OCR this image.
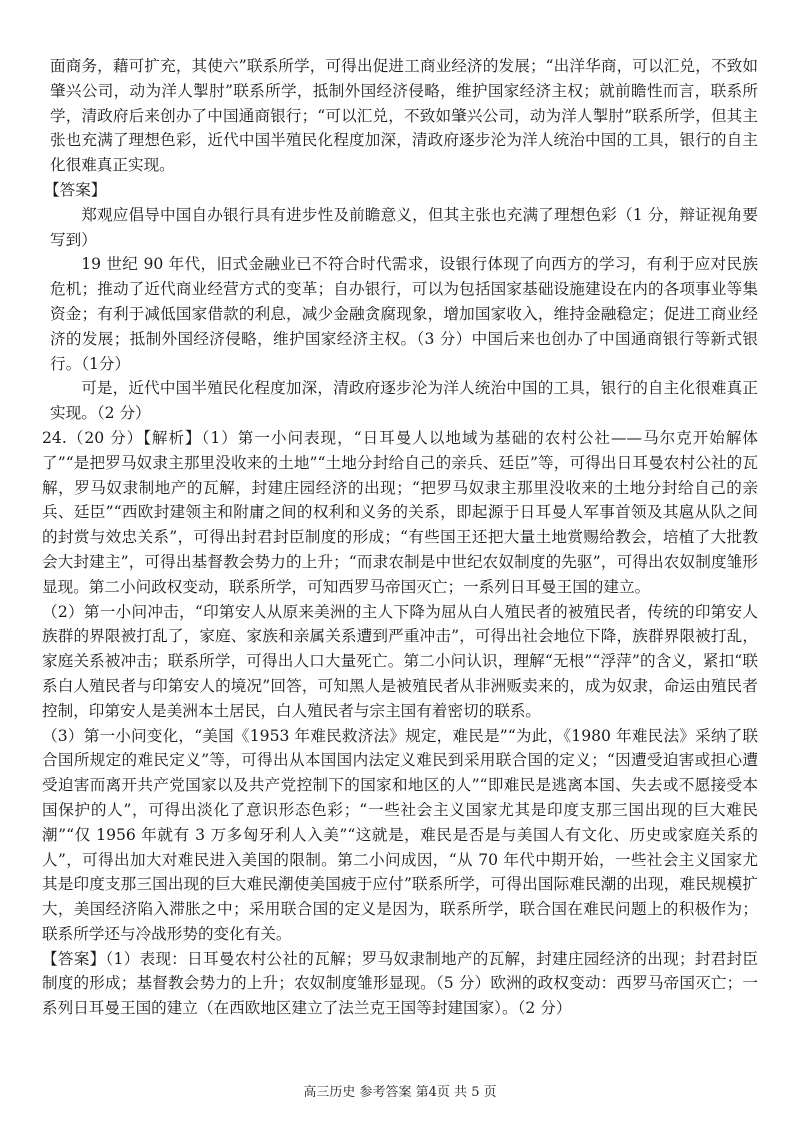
面商务，藉可扩充，其使六”联系所学，可得出促进工商业经济的发展；“出洋华商，可以汇兑，不致如肇兴公司，动为洋人掣肘”联系所学，抵制外国经济侵略，维护国家经济主权；就前瞻性而言，联系所学，清政府后来创办了中国通商银行；“可以汇兑，不致如肇兴公司，动为洋人掣肘”联系所学，但其主张也充满了理想色彩，近代中国半殖民化程度加深，清政府逐步沦为洋人统治中国的工具，银行的自主化很难真正实现。

【答案】

郑观应倡导中国自办银行具有进步性及前瞻意义，但其主张也充满了理想色彩（1 分，辩证视角要写到）

19 世纪 90 年代，旧式金融业已不符合时代需求，设银行体现了向西方的学习，有利于应对民族危机；推动了近代商业经营方式的变革；自办银行，可以为包括国家基础设施建设在内的各项事业等集资金；有利于减低国家借款的利息，减少金融贪腐现象，增加国家收入，维持金融稳定；促进工商业经济的发展；抵制外国经济侵略，维护国家经济主权。（3 分）中国后来也创办了中国通商银行等新式银行。（1分）

可是，近代中国半殖民化程度加深，清政府逐步沦为洋人统治中国的工具，银行的自主化很难真正实现。（2 分）

24.（20 分）【解析】（1）第一小问表现，“日耳曼人以地域为基础的农村公社——马尔克开始解体了”“是把罗马奴隶主那里没收来的土地”“土地分封给自己的亲兵、廷臣”等，可得出日耳曼农村公社的瓦解，罗马奴隶制地产的瓦解，封建庄园经济的出现；“把罗马奴隶主那里没收来的土地分封给自己的亲兵、廷臣”“西欧封建领主和附庸之间的权利和义务的关系，即起源于日耳曼人军事首领及其扈从队之间的封赏与效忠关系”，可得出封君封臣制度的形成；“有些国王还把大量土地赏赐给教会，培植了大批教会大封建主”，可得出基督教会势力的上升；“而隶农制是中世纪农奴制度的先驱”，可得出农奴制度雏形显现。第二小问政权变动，联系所学，可知西罗马帝国灭亡；一系列日耳曼王国的建立。

（2）第一小问冲击，“印第安人从原来美洲的主人下降为屈从白人殖民者的被殖民者，传统的印第安人族群的界限被打乱了，家庭、家族和亲属关系遭到严重冲击”，可得出社会地位下降，族群界限被打乱，家庭关系被冲击；联系所学，可得出人口大量死亡。第二小问认识，理解“无根”“浮萍”的含义，紧扣“联系白人殖民者与印第安人的境况”回答，可知黑人是被殖民者从非洲贩卖来的，成为奴隶，命运由殖民者控制，印第安人是美洲本土居民，白人殖民者与宗主国有着密切的联系。

（3）第一小问变化，“美国《1953 年难民救济法》规定，难民是”“为此，《1980 年难民法》采纳了联合国所规定的难民定义”等，可得出从本国国内法定义难民到采用联合国的定义；“因遭受迫害或担心遭受迫害而离开共产党国家以及共产党控制下的国家和地区的人”“即难民是逃离本国、失去或不愿接受本国保护的人”，可得出淡化了意识形态色彩；“一些社会主义国家尤其是印度支那三国出现的巨大难民潮”“仅 1956 年就有 3 万多匈牙利人入美”“这就是，难民是否是与美国人有文化、历史或家庭关系的人”，可得出加大对难民进入美国的限制。第二小问成因，“从 70 年代中期开始，一些社会主义国家尤其是印度支那三国出现的巨大难民潮使美国疲于应付”联系所学，可得出国际难民潮的出现，难民规模扩大，美国经济陷入滞胀之中；采用联合国的定义是因为，联系所学，联合国在难民问题上的积极作为；联系所学还与冷战形势的变化有关。

【答案】（1）表现：日耳曼农村公社的瓦解；罗马奴隶制地产的瓦解，封建庄园经济的出现；封君封臣制度的形成；基督教会势力的上升；农奴制度雏形显现。（5 分）欧洲的政权变动：西罗马帝国灭亡；一系列日耳曼王国的建立（在西欧地区建立了法兰克王国等封建国家）。（2 分）

高三历史 参考答案 第4页 共 5 页
